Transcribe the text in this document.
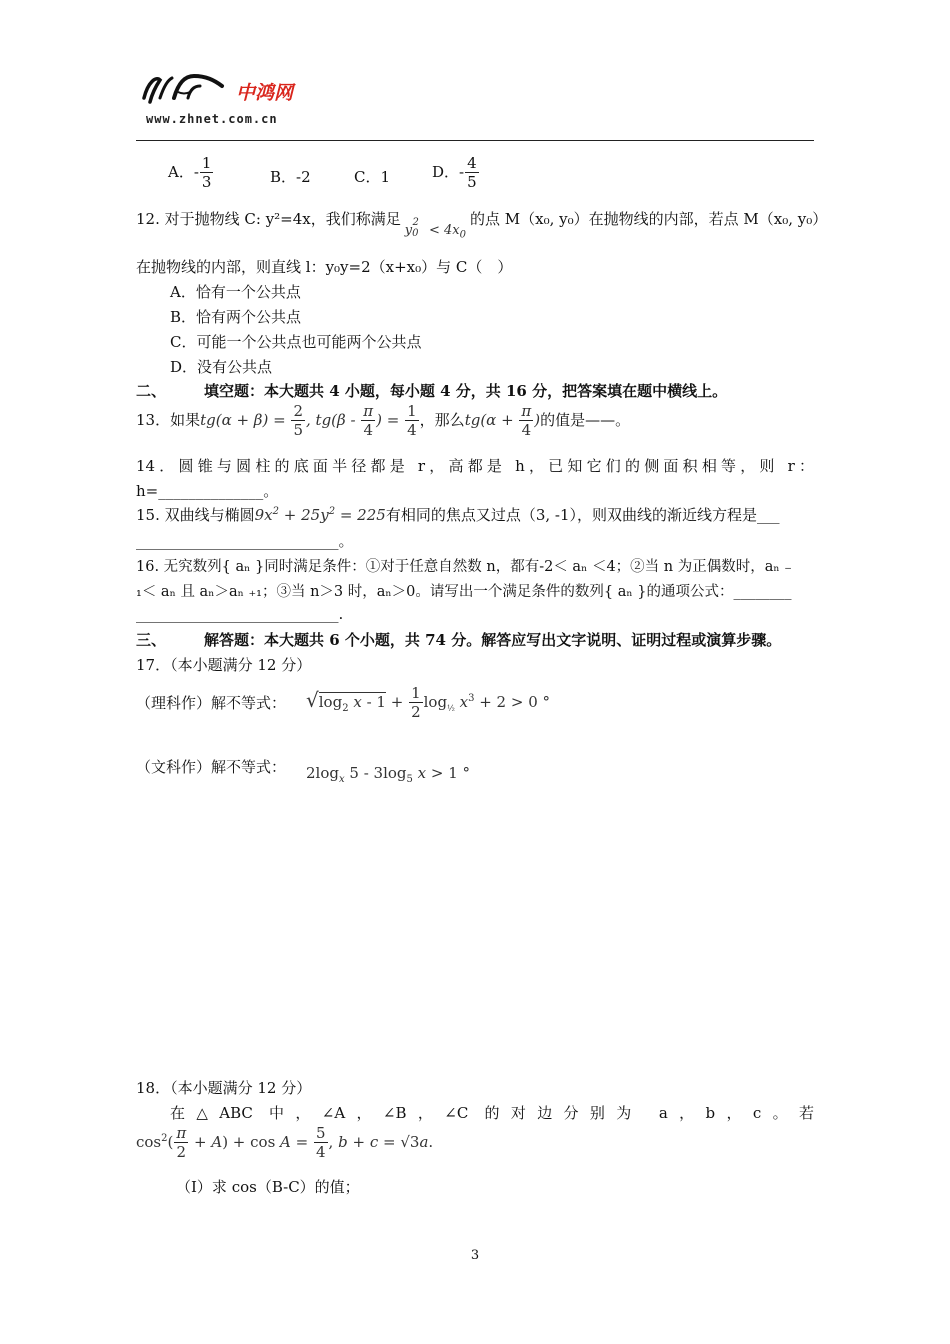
中鸿网
www.zhnet.com.cn
A．- $\frac{1}{3}$	B．-2	C．1	D．- $\frac{4}{5}$
12. 对于抛物线 C: y²=4x，我们称满足$y_0^2 < 4x_0$的点 M（x₀, y₀）在抛物线的内部，若点 M（x₀, y₀）
在抛物线的内部，则直线 l：y₀y=2（x+x₀）与 C（　）
A．恰有一个公共点
B．恰有两个公共点
C．可能一个公共点也可能两个公共点
D．没有公共点
二、	填空题：本大题共 4 小题，每小题 4 分，共 16 分，把答案填在题中横线上。
13．如果$tg(\alpha + \beta) = \frac{2}{5}$ , $tg(\beta - \frac{\pi}{4}$ ) = $\frac{1}{4}$ ，那么$tg(\alpha + \frac{\pi}{4}$ )的值是——。
14．圆锥与圆柱的底面半径都是 r，高都是 h，已知它们的侧面积相等，则 r：
h=______________。
15. 双曲线与椭圆$9x^2 + 25y^2 = 225$有相同的焦点又过点（3, -1），则双曲线的渐近线方程是___
___________________________。
16. 无究数列{ aₙ }同时满足条件：①对于任意自然数 n，都有-2＜ aₙ ＜4；②当 n 为正偶数时，aₙ ₋
₁＜ aₙ 且 aₙ＞aₙ ₊₁；③当 n＞3 时，aₙ＞0。请写出一个满足条件的数列{ aₙ }的通项公式：________
___________________________.
三、	解答题：本大题共 6 个小题，共 74 分。解答应写出文字说明、证明过程或演算步骤。
17．（本小题满分 12 分）
（理科作）解不等式： $√\log_2$ $x - 1 + \frac{1}{2} \log_{\frac{1}{2}} x^3 + 2 > 0$ °
（文科作）解不等式： $2\log_x$ $5 - 3\log_5$ x > 1 °
18．（本小题满分 12 分）
在△ABC 中，∠A，∠B，∠C 的对边分别为 a，b，c。若
$\cos^2( \frac{\pi}{2} + A) + \cos A = \frac{5}{4}$ , b + c = √3a.
（Ⅰ）求 cos（B-C）的值；
3
